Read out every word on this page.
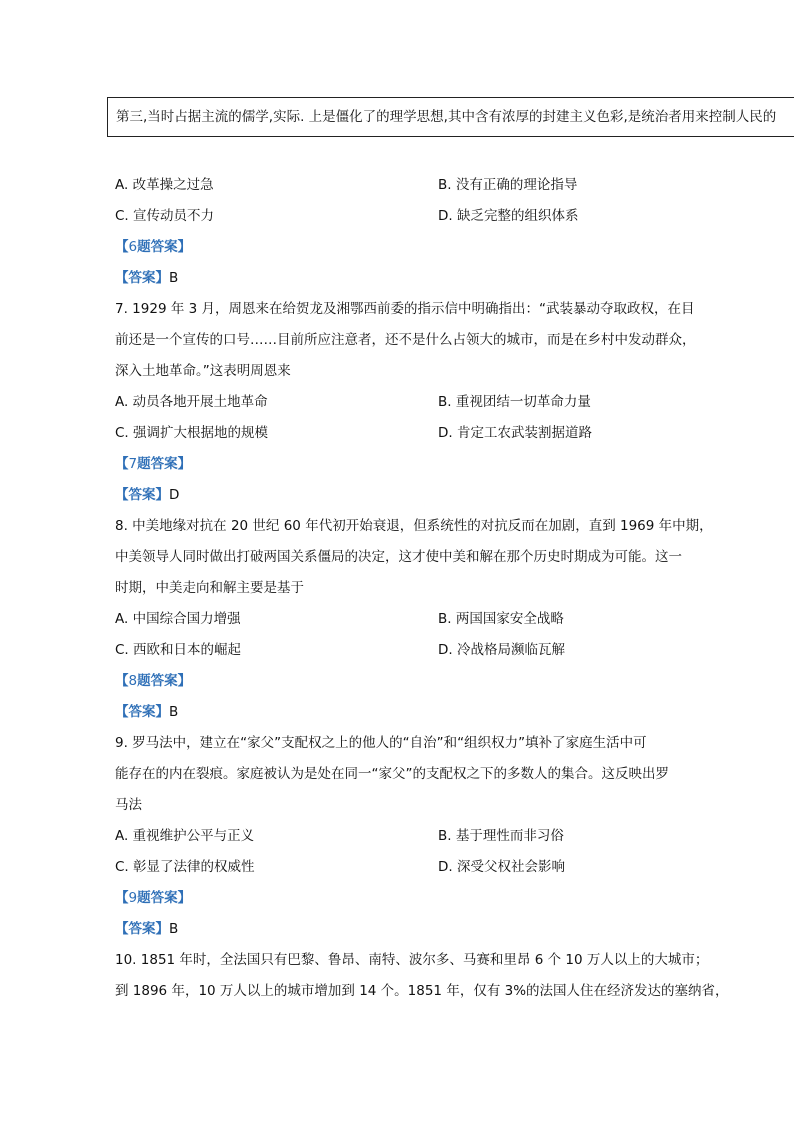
第三,当时占据主流的儒学,实际. 上是僵化了的理学思想,其中含有浓厚的封建主义色彩,是统治者用来控制人民的
A. 改革操之过急	B. 没有正确的理论指导
C. 宣传动员不力	D. 缺乏完整的组织体系
【6题答案】
【答案】B
7. 1929 年 3 月，周恩来在给贺龙及湘鄂西前委的指示信中明确指出：“武装暴动夺取政权，在目
前还是一个宣传的口号……目前所应注意者，还不是什么占领大的城市，而是在乡村中发动群众，
深入土地革命。”这表明周恩来
A. 动员各地开展土地革命	B. 重视团结一切革命力量
C. 强调扩大根据地的规模	D. 肯定工农武装割据道路
【7题答案】
【答案】D
8. 中美地缘对抗在 20 世纪 60 年代初开始衰退，但系统性的对抗反而在加剧，直到 1969 年中期，
中美领导人同时做出打破两国关系僵局的决定，这才使中美和解在那个历史时期成为可能。这一
时期，中美走向和解主要是基于
A. 中国综合国力增强	B. 两国国家安全战略
C. 西欧和日本的崛起	D. 冷战格局濒临瓦解
【8题答案】
【答案】B
9. 罗马法中，建立在“家父”支配权之上的他人的“自治”和“组织权力”填补了家庭生活中可
能存在的内在裂痕。家庭被认为是处在同一“家父”的支配权之下的多数人的集合。这反映出罗
马法
A. 重视维护公平与正义	B. 基于理性而非习俗
C. 彰显了法律的权威性	D. 深受父权社会影响
【9题答案】
【答案】B
10. 1851 年时，全法国只有巴黎、鲁昂、南特、波尔多、马赛和里昂 6 个 10 万人以上的大城市；
到 1896 年，10 万人以上的城市增加到 14 个。1851 年，仅有 3%的法国人住在经济发达的塞纳省，
